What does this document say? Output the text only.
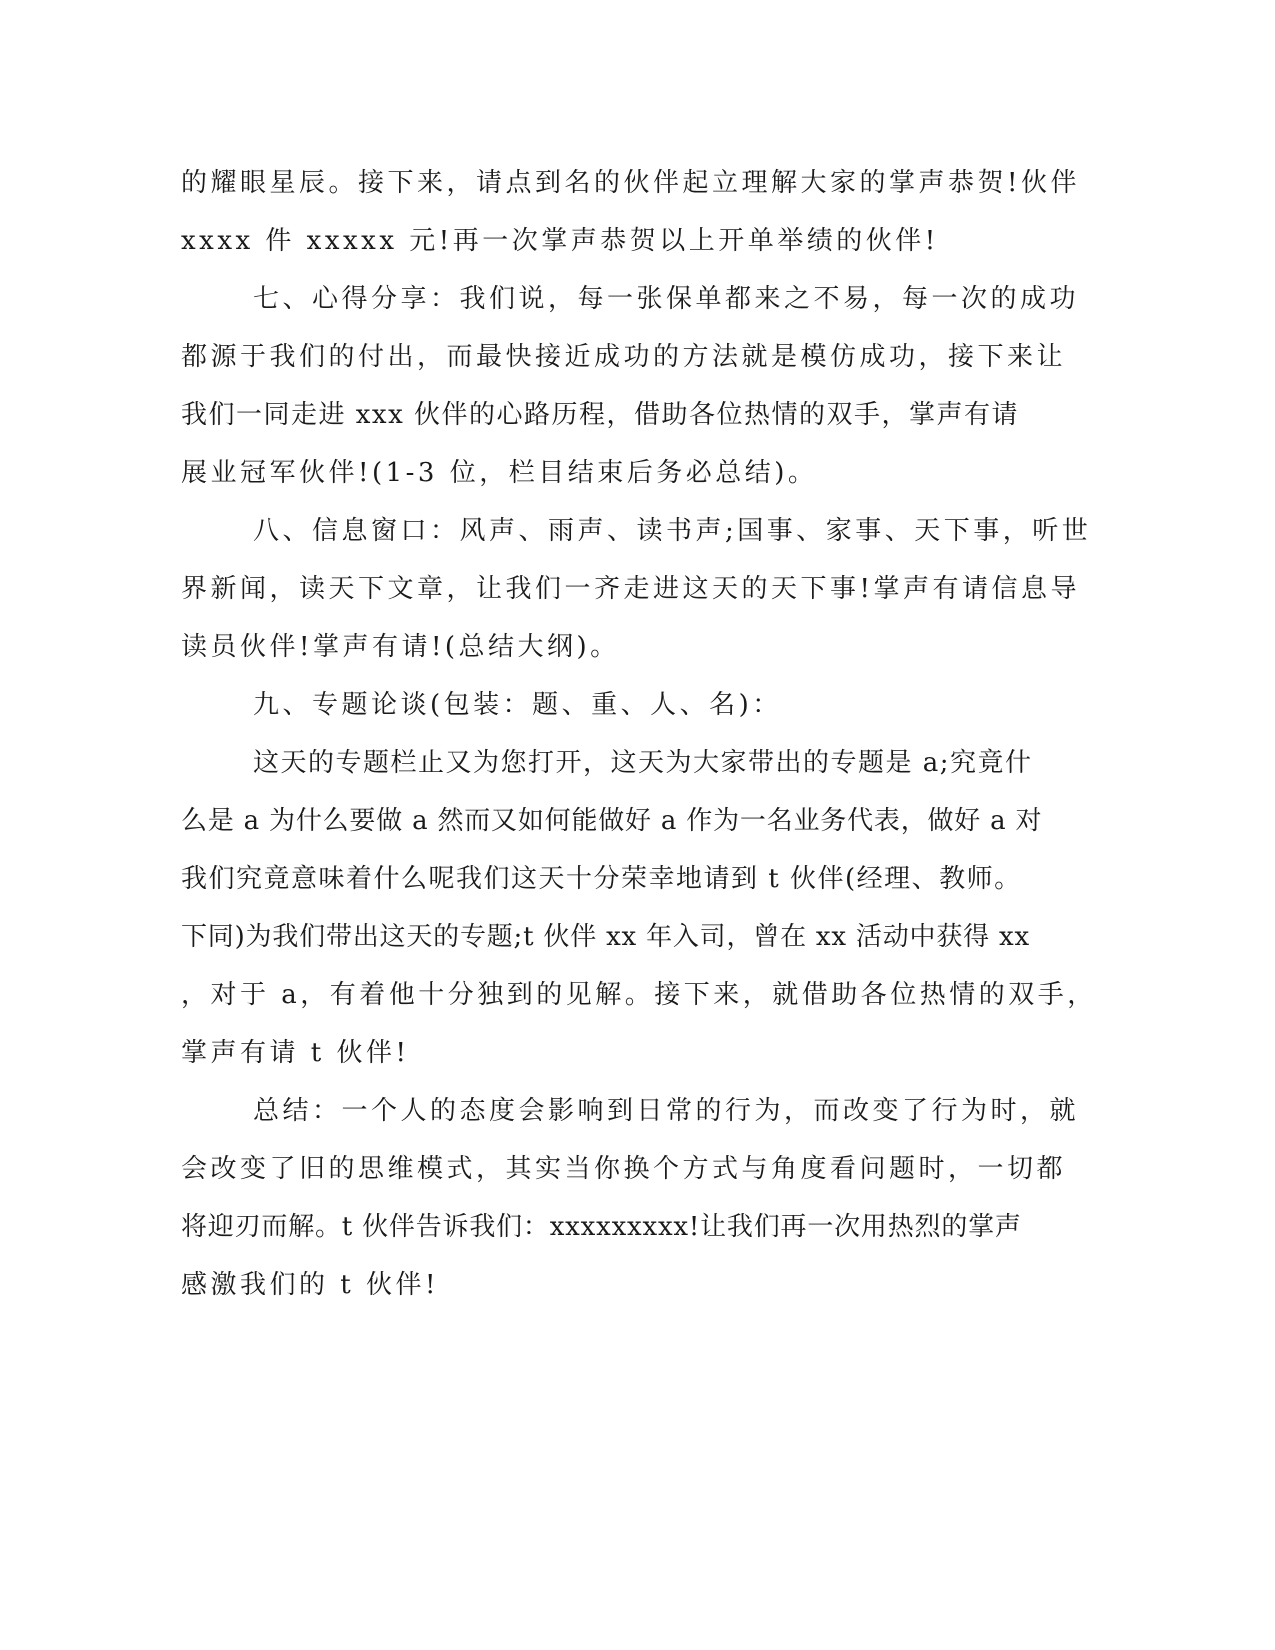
的耀眼星辰。接下来，请点到名的伙伴起立理解大家的掌声恭贺!伙伴
xxxx 件 xxxxx 元!再一次掌声恭贺以上开单举绩的伙伴!
七、心得分享：我们说，每一张保单都来之不易，每一次的成功
都源于我们的付出，而最快接近成功的方法就是模仿成功，接下来让
我们一同走进 xxx 伙伴的心路历程，借助各位热情的双手，掌声有请
展业冠军伙伴!(1-3 位，栏目结束后务必总结)。
八、信息窗口：风声、雨声、读书声;国事、家事、天下事，听世
界新闻，读天下文章，让我们一齐走进这天的天下事!掌声有请信息导
读员伙伴!掌声有请!(总结大纲)。
九、专题论谈(包装：题、重、人、名)：
这天的专题栏止又为您打开，这天为大家带出的专题是 a;究竟什
么是 a 为什么要做 a 然而又如何能做好 a 作为一名业务代表，做好 a 对
我们究竟意味着什么呢我们这天十分荣幸地请到 t 伙伴(经理、教师。
下同)为我们带出这天的专题;t 伙伴 xx 年入司，曾在 xx 活动中获得 xx
，对于 a，有着他十分独到的见解。接下来，就借助各位热情的双手，
掌声有请 t 伙伴!
总结：一个人的态度会影响到日常的行为，而改变了行为时，就
会改变了旧的思维模式，其实当你换个方式与角度看问题时，一切都
将迎刃而解。t 伙伴告诉我们：xxxxxxxxx!让我们再一次用热烈的掌声
感激我们的 t 伙伴!
